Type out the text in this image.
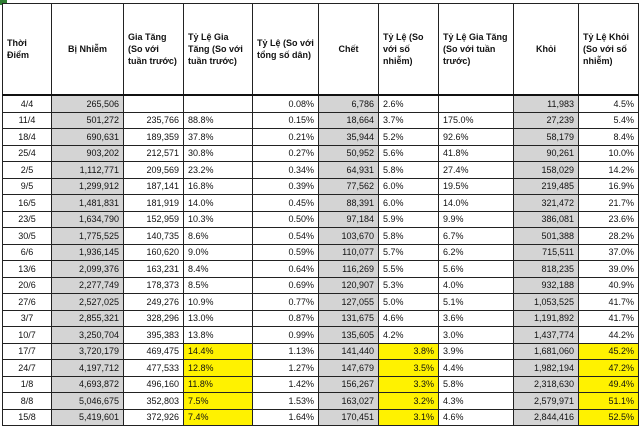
Thời Điểm	Bị Nhiễm	Gia Tăng (So với tuần trước)	Tỷ Lệ Gia Tăng (So với tuần trước)	Tỷ Lệ (So với tổng số dân)	Chết	Tỷ Lệ (So với số nhiễm)	Tỷ Lệ Gia Tăng (So với tuần trước)	Khỏi	Tỷ Lệ Khỏi (So với số nhiễm)
4/4	265,506			0.08%	6,786	2.6%		11,983	4.5%
11/4	501,272	235,766	88.8%	0.15%	18,664	3.7%	175.0%	27,239	5.4%
18/4	690,631	189,359	37.8%	0.21%	35,944	5.2%	92.6%	58,179	8.4%
25/4	903,202	212,571	30.8%	0.27%	50,952	5.6%	41.8%	90,261	10.0%
2/5	1,112,771	209,569	23.2%	0.34%	64,931	5.8%	27.4%	158,029	14.2%
9/5	1,299,912	187,141	16.8%	0.39%	77,562	6.0%	19.5%	219,485	16.9%
16/5	1,481,831	181,919	14.0%	0.45%	88,391	6.0%	14.0%	321,472	21.7%
23/5	1,634,790	152,959	10.3%	0.50%	97,184	5.9%	9.9%	386,081	23.6%
30/5	1,775,525	140,735	8.6%	0.54%	103,670	5.8%	6.7%	501,388	28.2%
6/6	1,936,145	160,620	9.0%	0.59%	110,077	5.7%	6.2%	715,511	37.0%
13/6	2,099,376	163,231	8.4%	0.64%	116,269	5.5%	5.6%	818,235	39.0%
20/6	2,277,749	178,373	8.5%	0.69%	120,907	5.3%	4.0%	932,188	40.9%
27/6	2,527,025	249,276	10.9%	0.77%	127,055	5.0%	5.1%	1,053,525	41.7%
3/7	2,855,321	328,296	13.0%	0.87%	131,675	4.6%	3.6%	1,191,892	41.7%
10/7	3,250,704	395,383	13.8%	0.99%	135,605	4.2%	3.0%	1,437,774	44.2%
17/7	3,720,179	469,475	14.4%	1.13%	141,440	3.8%	3.9%	1,681,060	45.2%
24/7	4,197,712	477,533	12.8%	1.27%	147,679	3.5%	4.4%	1,982,194	47.2%
1/8	4,693,872	496,160	11.8%	1.42%	156,267	3.3%	5.8%	2,318,630	49.4%
8/8	5,046,675	352,803	7.5%	1.53%	163,027	3.2%	4.3%	2,579,971	51.1%
15/8	5,419,601	372,926	7.4%	1.64%	170,451	3.1%	4.6%	2,844,416	52.5%
